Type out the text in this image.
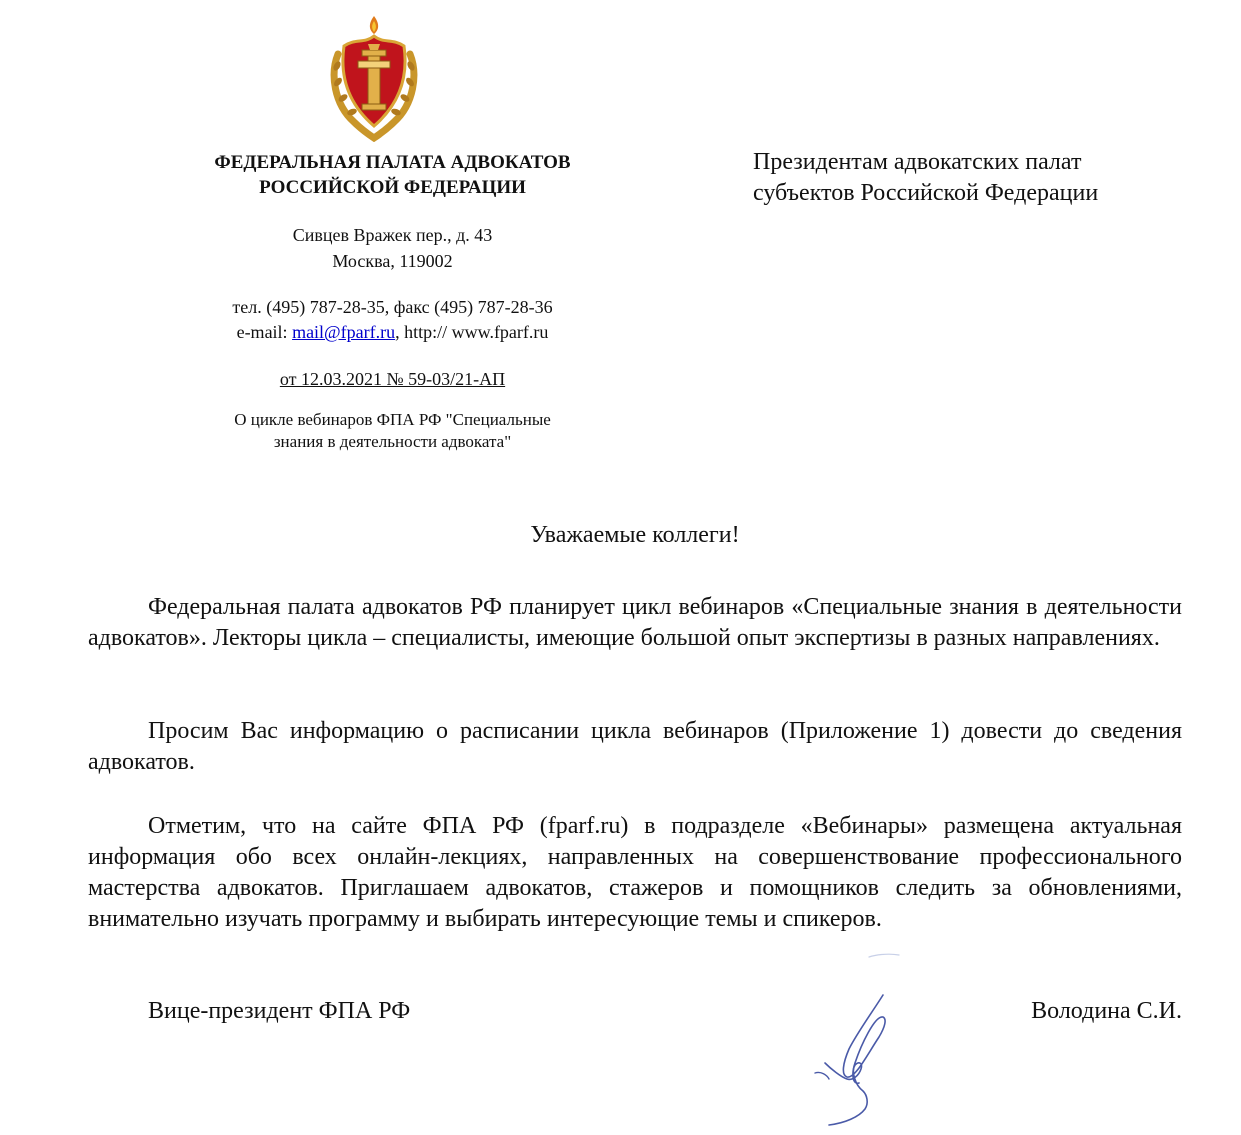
ФЕДЕРАЛЬНАЯ ПАЛАТА АДВОКАТОВ
РОССИЙСКОЙ ФЕДЕРАЦИИ
Сивцев Вражек пер., д. 43
Москва, 119002
тел. (495) 787-28-35, факс (495) 787-28-36
e-mail: mail@fparf.ru, http:// www.fparf.ru
от 12.03.2021 № 59-03/21-АП
О цикле вебинаров ФПА РФ "Специальные
знания в деятельности адвоката"
Президентам адвокатских палат
субъектов Российской Федерации
Уважаемые коллеги!
Федеральная палата адвокатов РФ планирует цикл вебинаров «Специальные знания в деятельности адвокатов». Лекторы цикла – специалисты, имеющие большой опыт экспертизы в разных направлениях.
Просим Вас информацию о расписании цикла вебинаров (Приложение 1) довести до сведения адвокатов.
Отметим, что на сайте ФПА РФ (fparf.ru) в подразделе «Вебинары» размещена актуальная информация обо всех онлайн-лекциях, направленных на совершенствование профессионального мастерства адвокатов. Приглашаем адвокатов, стажеров и помощников следить за обновлениями, внимательно изучать программу и выбирать интересующие темы и спикеров.
Вице-президент ФПА РФ	Володина С.И.
